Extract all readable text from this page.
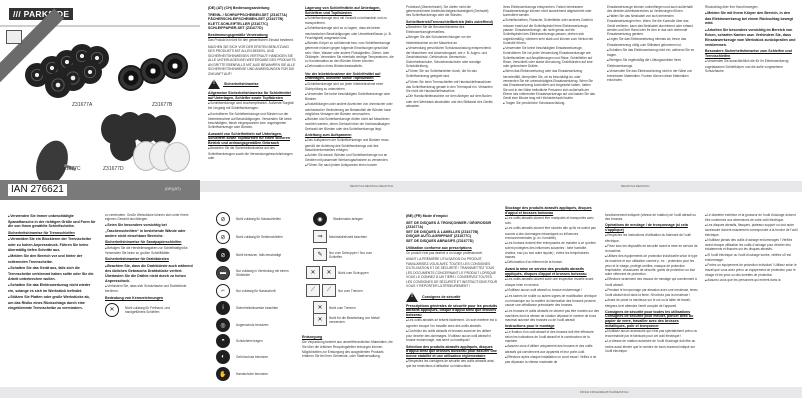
/// PARKSIDE
Z31677A	Z31677B
Z31677C	Z31677D
IAN 276621	(DE)(AT)
(DE) (AT) (CH) Bedienungsanleitung
TRENN- / SCHRUPPSCHEIBEN-SET (Z31677A)
FÄCHERSCHLEIFSCHEIBEN-SET (Z31677B)
KLETT-SCHLEIFTELLER (Z31677C)
SCHLEIFPAPIER-SET (Z31677D)
Bestimmungsgemäße Verwendung

Das Produkt ist nicht für den gewerblichen Einsatz bestimmt.

MACHEN SIE SICH VOR DER ERSTEN BENUTZUNG DES PRODUKTS MIT ALLEN BEDIEN- UND SICHERHEITSHINWEISEN VERTRAUT! HÄNDIGEN SIE ALLE UNTERLAGEN BEI WEITERGABE DES PRODUKTS AN DRITTE EBENFALLS MIT AUS! BEWAHREN SIE ALLE SICHERHEITSHINWEISE UND ANWEISUNGEN FÜR DIE ZUKUNFT AUF!
! Sicherheitshinweise
Allgemeine Sicherheitshinweise für Schleifmittel auf Unterlagen, Schleifer sowie Topfbürsten

■ Schleifwerkzeuge sind bruchempfindlich. Äußerste Sorgfalt bei Umgang mit Schleifwerkzeugen.

■ Kontrollieren Sie Schleifwerkzeuge und Bürsten vor der Inbetriebnahme auf Beschädigungen. Verwenden Sie keine beschädigten, falsch eingespannten bzw. ungeeigneten Schleifwerkzeuge oder Bürsten.

Auswahl von Schleifmitteln auf Unterlagen, Schleifern sowie Topfbürsten für einen sicheren Betrieb und ordnungsgemäßen Gebrauch

■ Beachten Sie die Sicherheitshinweise auf den Schleifwerkzeugen sowie die Verwendungsbeschränkungen oder

Lagerung von Schleifmitteln auf Unterlagen, Schleifern und Topfbürsten

■ Schleifwerkzeuge sind mit Vorsicht zu behandeln und zu transportieren.

■ Schleifwerkzeuge sind so zu lagern, dass sie keiner mechanischen Beschädigungen oder Umwelteinflüssen (z. B. Feuchtigkeit) ausgesetzt sind.

■ Bürsten-Körper zu schützende bzw. vom Schleifwerkzeuge getrennte müssen gegen folgende Einwirkungen geschützt sein: Hitze, Wasser oder andere Flüssigkeiten, Glimm- oder Öldämpfe. Vermeiden Sie ebenfalls niedrige Temperaturen, die zu Kondensation an den Bürsten führen könnten.

■ Deformation eines Bürstenbestandteils.

Vor der Inbetriebnahme der Schleifmittel auf Unterlagen, Schleifer sowie Topfbürsten

■ Schleifwerkzeuge sind vor jeder Inbetriebnahme einer Sichtprüfung zu unterziehen.

■ Verwenden Sie keine beschädigten Schleifwerkzeuge oder Bürsten.

■ Kratzbildungen oder andere Anzeichen von chemischer oder mechanischer Veränderung am Bestandteil der Bürsten kann mögliches Versagen der Bürsten verursachen.

■ Bürsten und Schleifwerkzeuge dürfen nicht auf Maschinen montiert werden, deren Drehzahl über der höchstzulässigen Drehzahl der Bürsten oder des Schleifwerkzeugs liegt.

Anleitung zum Aufspannen

■ Das Aufspannen der Schleifwerkzeuge und Bürsten muss gemäß der Anleitung des Schleifwerkzeugs und des Maschinenherstellers erfolgen.

■ Achten Sie darauf, Bürsten und Schleifwerkzeuge nur an Geräten mit passender Werkzeugaufnahme zu verwenden.

■ Führen Sie nach jedem Aufspannen einen kurzen

Probelauf (Überdrehzahl). Sie dürfen nicht die gekennzeichnete Arbeitshöchstgeschwindigkeit (Drehzahl) des Schleifwerkzeugs oder der Bürsten.

Schleifbetrieb/Trennschleifbetrieb (falls zutreffend)

■ Beachten Sie die Benutzerhinweise des Elektrowerkzeugherstellers.

■ Bringen Sie alle Schutzeinrichtungen vor der Inbetriebnahme an der Maschine an.

■ Verwendung persönlicher Schutzausrüstung entsprechend der Maschinen und Anwendungsart, wie z. B. Augen- und Gesichtsschutz, Gehörschutz, Atemschutz, Sicherheitsschuhe, Schutzhandschuhe oder sonstige Schutzkleidung.

■ Führen Sie nur Schleifarbeiten durch, die für das Schleifwerkzeug geeignet sind.

■ Führen Sie beim Trennschleifen mit Handschleifmaschinen das Schleifwerkzeug gerade in den Trennspalt ein. Verkanten Sie nicht die Handschleifmaschine.

■ Die Handschleifmaschine vor dem Ablegen auf dem Boden oder den Werkbank abschalten und den Stillstand des Geräts abwarten.

Ihres Elektrowerkzeugs entsprechen. Falsch bemessene Einsatzwerkzeuge können nicht ausreichend abgeschirmt oder kontrolliert werden.

■ Schleifscheiben, Flansche, Schleifteller oder anderes Zubehör müssen exakt auf die Schleifspindel Ihres Elektrowerkzeugs passen. Einsatzwerkzeuge, die nicht genau auf die Schleifspindel des Elektrowerkzeugs passen, drehen sich ungleichmäßig, vibrieren sehr stark und können zum Verlust der Kontrolle führen.

■ Verwenden Sie keine beschädigten Einsatzwerkzeuge. Kontrollieren Sie vor jeder Verwendung Einsatzwerkzeuge wie Schleifscheiben auf Absplitterungen und Risse, Schleifteller auf Risse, Verschleiß oder starke Abnutzung, Drahtbürsten auf lose oder gebrochene Drähte.

■ Wenn das Elektrowerkzeug oder das Einsatzwerkzeug herunterfällt, überprüfen Sie, ob es beschädigt ist, oder verwenden Sie ein unbeschädigtes Einsatzwerkzeug. Wenn Sie das Einsatzwerkzeug kontrolliert und eingesetzt haben, halten Sie und in der Nähe befindliche Personen sich außerhalb der Ebene des rotierenden Einsatzwerkzeugs auf und lassen Sie das Gerät eine Minute lang mit Höchstdrehzahl laufen.

■ Tragen Sie persönliche Schutzausrüstung.

DE/AT/CH DE/AT/CH DE/AT/CH

Einsatzwerkzeuge können umherfliegen und auch außerhalb des direkten Arbeitsbereiches zu Verletzungen führen.

■ Halten Sie das Netzkabel von sich drehenden Einsatzwerkzeugen fern. Wenn Sie die Kontrolle über das Gerät verlieren, kann das Netzkabel durchtrennt oder erfasst werden und Ihre Hand oder Ihr Arm in das sich drehende Einsatzwerkzeug geraten.

■ Legen Sie das Elektrowerkzeug niemals ab, bevor das Einsatzwerkzeug völlig zum Stillstand gekommen ist.

■ Schalten Sie das Elektrowerkzeug nicht ein, während Sie es tragen.

■ Reinigen Sie regelmäßig die Lüftungsschlitze Ihres Elektrowerkzeugs.

■ Verwenden Sie das Elektrowerkzeug nicht in der Nähe von brennbaren Materialien. Funken können diese Materialien entzünden.

Rückschlag über Ihre Hand bewegen.

■ Meiden Sie mit Ihrem Körper den Bereich, in den das Elektrowerkzeug bei einem Rückschlag bewegt wird.

■ Arbeiten Sie besonders vorsichtig im Bereich von Ecken, scharfen Kanten usw. Verhindern Sie, dass Einsatzwerkzeuge vom Werkstück zurückprallen und verklemmen.

Besondere Sicherheitshinweise zum Schleifen und Trennschleifen

■ Verwenden Sie ausschließlich die für Ihr Elektrowerkzeug zugelassenen Schleifkörper und die dafür vorgesehene Schutzhaube.

DE/AT/CH DE/AT/CH

■ Verwenden Sie immer unbeschädigte Spannflansche in der richtigen Größe und Form für die von Ihnen gewählte Schleifscheibe.

Sicherheitshinweise für Trennschleifen

■ Vermeiden Sie ein Blockieren der Trennscheibe oder zu hohen Anpressdruck. Führen Sie keine übermäßig tiefen Schnitte aus.

■ Meiden Sie den Bereich vor und hinter der rotierenden Trennscheibe.

■ Schalten Sie das Gerät aus, falls sich die Trennscheibe verklemmt haben sollte oder Sie die Arbeit unterbrechen wollen.

■ Schalten Sie das Elektrowerkzeug nicht wieder ein, solange es sich im Werkstück befindet.

■ Stützen Sie Platten oder große Werkstücke ab, um das Risiko eines Rückschlags durch eine eingeklemmte Trennscheibe zu vermindern.

zu vermindern. Große Werkstücke können sich unter ihrem eigenen Gewicht durchbiegen.

■ Seien Sie besonders vorsichtig bei „Taschenschnitten“ in bestehende Wände oder andere nicht einsehbare Bereiche.

Sicherheitshinweise für Sandpapierschleifen

■ Befolgen Sie die Herstellerangaben zur Schleifblattgröße. Verwenden Sie keine zu großen Schleifblätter.

Sicherheitshinweise für Drahtbürsten

■ Beachten Sie, dass die Drahtbürste auch während des üblichen Gebrauchs Drahtstücke verliert. Überlasten Sie die Drähte nicht durch zu hohen Anpressdruck.

■ Verhindern Sie, dass sich Schutzhaube und Drahtbürste berühren.

Bedeutung von Kennzeichnungen
✕	Nicht zulässig für Freihand- und handgeführtes Schleifen
⊘	Nicht zulässig für Nassschleifen
⊘	Nicht zulässig für Seitenschleifen
⊘	Nicht benutzen, falls beschädigt
▬	Nur zulässig in Verbindung mit einem Stützteller
⌐	Nur zulässig für Nassschnitt
i	Sicherheitshinweise beachten
◎	Augenschutz benutzen
◓	Schutzhelm tragen
◐	Gehörschutz benutzen
✋	Handschuhe benutzen
◉	Staubmaske anlegen
⇒	Maximaldrehzahl beachten
✎	Nur zum Schruppen / Nur zum Schleifen
✕	✕	Nicht zum Schruppen
⟋	⟋	Nur zum Trennen
✕	Nicht zum Trennen
✕	Nicht für die Bearbeitung von Metall verwenden.
Entsorgung

Die Verpackung besteht aus umweltfreundlichen Materialien, die Sie über die örtlichen Recyclingstellen entsorgen können.

Möglichkeiten zur Entsorgung des ausgedienten Produkts erfahren Sie bei Ihrer Gemeinde- oder Stadtverwaltung.

(BE) (FR) Mode d'emploi
SET DE DISQUES À TRONÇONNER / DÉGROSSIR (Z31677A)
SET DE DISQUES À LAMELLES (Z31677B)
DISQUE AUTO-AGRIPPANT (Z31677C)
SET DE DISQUES ABRASIFS (Z31677D)
Utilisation conforme aux prescriptions

Ce produit n'est pas destiné à un usage professionnel.

AVANT LA PREMIÈRE UTILISATION DU PRODUIT, FAMILIARISEZ-VOUS AVEC TOUTES LES CONSIGNES D'UTILISATION ET DE SÉCURITÉ ! TRANSMETTEZ TOUS LES DOCUMENTS CONCERNANT LE PRODUIT LORSQUE VOUS LE DONNEZ À UN TIERS ! CONSERVEZ TOUTES LES CONSIGNES DE SÉCURITÉ ET INSTRUCTIONS POUR VOUS Y REPORTER ULTÉRIEUREMENT !
! Consignes de sécurité
Prescriptions générales de sécurité pour les produits abrasifs appliqués, disque d'appui ainsi que brosses boisseau

■ Les outils abrasifs se brisent facilement. Un soin extrême est à apporter lorsque l'on travaille avec des outils abrasifs.

■ Contrôlez les outils abrasifs et brosses avant de les utiliser pour déceler des dommages. N'utilisez aucun outil abrasif ni brosse endommagé, mal serré ou inadéquat !

Sélection des produits abrasifs appliqués, disques d'appui ainsi que brosses boisseau pour assurer une bonne stabilité et une utilisation réglementaire

■ Respectez les consignes de sécurité des outils abrasifs ainsi que les restrictions d'utilisation ou instructions

Stockage des produits abrasifs appliqués, disques d'appui et brosses boisseau

■ Les outils abrasifs doivent être manipulés et transportés avec soin.

■ Les outils abrasifs doivent être stockés afin qu'ils ne soient pas soumis à des dommages mécaniques ou influences environnementales (p. ex. humidité).

■ Les brosses doivent être entreposées de manière à ce qu'elles soient protégées des influences suivantes : forte humidité, chaleur, eau (ou tout autre liquide) ; évitez les températures basses.

■ Déformation d'un élément de la brosse.

Avant la mise en service des produits abrasifs appliqués, disques d'appui et brosses boisseau

■ Les outils abrasifs doivent subir une inspection visuelle avant chaque mise en service.

■ N'utilisez aucun outil abrasif ou brosse endommagé !

■ Les taches de rouille ou autres signes de modification chimique ou mécanique sur la matière du fabrication des brosses peuvent causer une défaillance prématurée des brosses.

■ Les brosses et outils abrasifs ne doivent pas être montés sur des machines dont la vitesse de rotation dépasse le nombre de tours maximal autorisé des brosses ou de l'outil abrasif.

Instructions pour le montage

■ Le fixation d'un outil abrasif et des brosses doit être effectuée selon les indications de l'outil abrasif et le constructeur de la machine.

■ Assurez-vous d'utiliser uniquement des brosses et des outils abrasifs qui conviennent aux appareils et leur porte-outil.

■ Effectuez après chaque installation un court essai ! Veillez à ne pas dépasser la vitesse maximale de

fonctionnement indiquée (vitesse de rotation) de l'outil abrasif ou des brosses.

Opérations de meulage / de tronçonnage (si cela s'applique)

■ Respectez les instructions d'utilisation du fabricant de l'outil électrique.

■ Fixez tous les dispositifs de sécurité avant la mise en service de la machine.

■ Utilisez des équipements de protection individuelle selon le type de machine et son utilisation comme p. ex. : protection pour les yeux et le visage, protège-oreilles, masque de protection respiratoire, chaussures de sécurité, gants de protection ou tout autre vêtement de protection.

■ Effectuez seulement des travaux de meulage qui conviennent à l'outil abrasif.

■ Pendant le tronçonnage par abrasion avec une meuleuse, tenez l'outil abrasif droit dans la fente. N'inclinez pas la meuleuse !

■ Avant de poser la meuleuse sur le sol ou la table de travail, éteignez-la et attendez l'arrêt complet de l'appareil.

Consignes de sécurité pour toutes les utilisations
Consignes de sécurité pour meuler, poncer avec du papier de verre, travailler avec des brosses métalliques, polir et tronçonner

■ N'utilisez aucun accessoire qui n'est pas spécialement prévu ou recommandé par le fabricant pour cet outil électrique !

■ La vitesse de rotation autorisée de l'outil d'usinage doit être au moins aussi élevée que le nombre de tours maximal indiqué sur l'outil électrique.

■ Le diamètre extérieur et la grosseur de l'outil d'usinage doivent être conformes aux dimensions de votre outil électrique.

■ Les disques abrasifs, flasques, plateaux support ou tout autre accessoire doivent exactement correspondre à la broche de l'outil électrique.

■ N'utilisez jamais des outils d'usinage endommagés ! Vérifiez avant chaque utilisation les outils d'usinage pour déceler des éclatements et fissures sur les disques abrasifs.

■ Si l'outil électrique ou l'outil d'usinage tombe, vérifiez s'il est endommagé.

■ Portez un équipement de protection individuel ! Utilisez selon le travail que vous avez prévu un équipement de protection pour le visage et les yeux ou des lunettes de protection.

■ Assurez-vous que les personnes qui entrent dans la

FR/CH FR/CH/DE/AT/CH/DE/AT/CH
